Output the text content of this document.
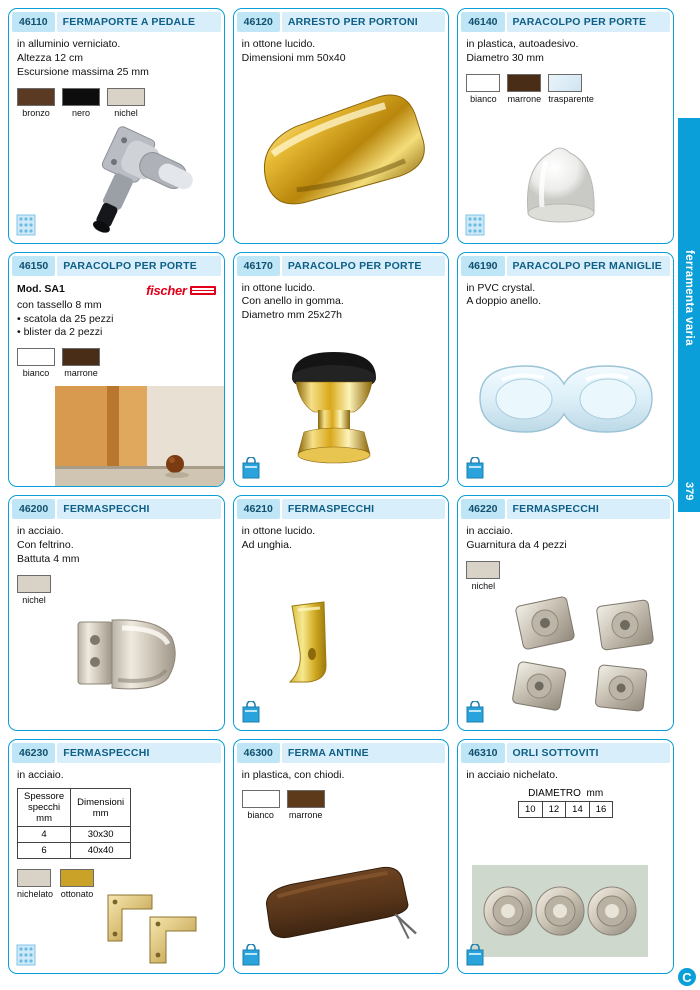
46110	FERMAPORTE A PEDALE
in alluminio verniciato.
Altezza 12 cm
Escursione massima 25 mm
bronzo	nero	nichel
46120	ARRESTO PER PORTONI
in ottone lucido.
Dimensioni mm 50x40
46140	PARACOLPO PER PORTE
in plastica, autoadesivo.
Diametro 30 mm
bianco	marrone trasparente
46150	PARACOLPO PER PORTE
Mod. SA1	fischer
con tassello 8 mm
• scatola da 25 pezzi
• blister da 2 pezzi
bianco	marrone
46170	PARACOLPO PER PORTE
in ottone lucido.
Con anello in gomma.
Diametro mm 25x27h
46190	PARACOLPO PER MANIGLIE
in PVC crystal.
A doppio anello.
46200	FERMASPECCHI
in acciaio.
Con feltrino.
Battuta 4 mm
nichel
46210	FERMASPECCHI
in ottone lucido.
Ad unghia.
46220	FERMASPECCHI
in acciaio.
Guarnitura da 4 pezzi
nichel
46230	FERMASPECCHI
in acciaio.
Spessore
specchi
mm	Dimensioni
mm
4	30x30
6	40x40
nichelato ottonato
46300	FERMA ANTINE
in plastica, con chiodi.
bianco	marrone
46310	ORLI SOTTOVITI
in acciaio nichelato.
DIAMETRO mm
10	12	14	16
ferramenta varia
379
C
